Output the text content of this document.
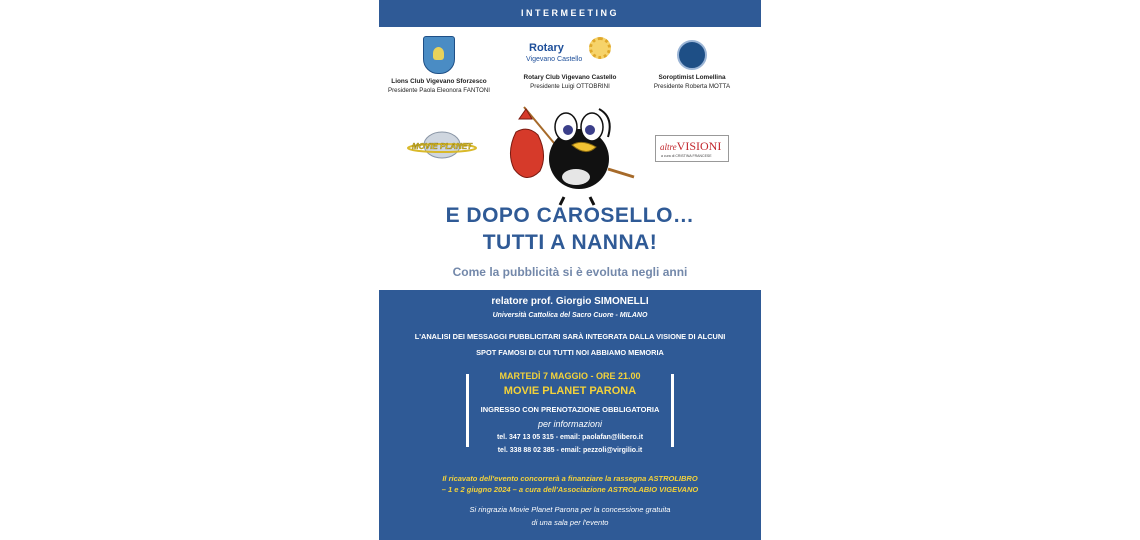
INTERMEETING
Lions Club Vigevano Sforzesco
Presidente Paola Eleonora FANTONI
Rotary
Vigevano Castello
Rotary Club Vigevano Castello
Presidente Luigi OTTOBRINI
Soroptimist Lomellina
Presidente Roberta MOTTA
MOVIE PLANET	altreVISIONI
a cura di CRISTINA FRANCESE
E DOPO CAROSELLO…
TUTTI A NANNA!
Come la pubblicità si è evoluta negli anni
relatore prof. Giorgio SIMONELLI
Università Cattolica del Sacro Cuore - MILANO
L'ANALISI DEI MESSAGGI PUBBLICITARI SARÀ INTEGRATA DALLA VISIONE DI ALCUNI
SPOT FAMOSI DI CUI TUTTI NOI ABBIAMO MEMORIA
MARTEDÌ 7 MAGGIO - ORE 21.00
MOVIE PLANET PARONA
INGRESSO CON PRENOTAZIONE OBBLIGATORIA
per informazioni
tel. 347 13 05 315 - email: paolafan@libero.it
tel. 338 88 02 385 - email: pezzoli@virgilio.it
Il ricavato dell'evento concorrerà a finanziare la rassegna ASTROLIBRO
– 1 e 2 giugno 2024 – a cura dell'Associazione ASTROLABIO VIGEVANO
Si ringrazia Movie Planet Parona per la concessione gratuita
di una sala per l'evento
